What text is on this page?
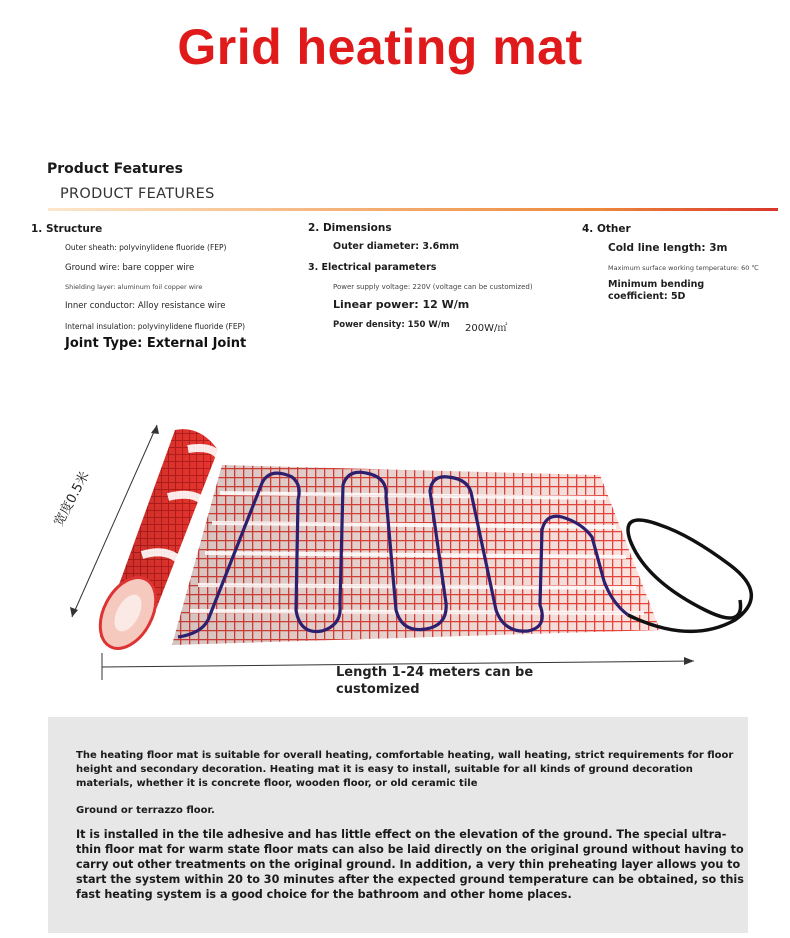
Grid heating mat
Product Features
PRODUCT FEATURES
1. Structure
Outer sheath: polyvinylidene fluoride (FEP)
Ground wire: bare copper wire
Shielding layer: aluminum foil copper wire
Inner conductor: Alloy resistance wire
Internal insulation: polyvinylidene fluoride (FEP)
Joint Type: External Joint
2. Dimensions
Outer diameter: 3.6mm
3. Electrical parameters
Power supply voltage: 220V (voltage can be customized)
Linear power: 12 W/m
Power density: 150 W/m 200W/㎡
4. Other
Cold line length: 3m
Maximum surface working temperature: 60 ℃
Minimum bending
coefficient: 5D
宽度0.5米
Length 1-24 meters can be customized
The heating floor mat is suitable for overall heating, comfortable heating, wall heating, strict requirements for floor height and secondary decoration. Heating mat it is easy to install, suitable for all kinds of ground decoration materials, whether it is concrete floor, wooden floor, or old ceramic tile
Ground or terrazzo floor.
It is installed in the tile adhesive and has little effect on the elevation of the ground. The special ultra-thin floor mat for warm state floor mats can also be laid directly on the original ground without having to carry out other treatments on the original ground. In addition, a very thin preheating layer allows you to start the system within 20 to 30 minutes after the expected ground temperature can be obtained, so this fast heating system is a good choice for the bathroom and other home places.
